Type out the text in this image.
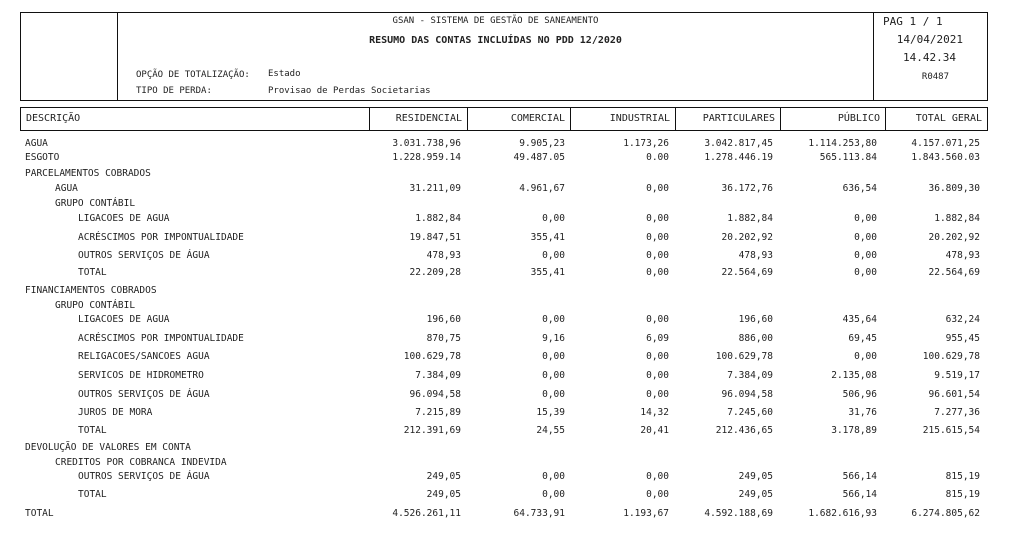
GSAN - SISTEMA DE GESTÃO DE SANEAMENTO
RESUMO DAS CONTAS INCLUÍDAS NO PDD 12/2020
OPÇÃO DE TOTALIZAÇÃO: Estado
TIPO DE PERDA:	Provisao de Perdas Societarias
PAG 1 / 1
14/04/2021
14.42.34
R0487
DESCRIÇÃO	RESIDENCIAL	COMERCIAL	INDUSTRIAL	PARTICULARES	PÚBLICO	TOTAL GERAL
AGUA	3.031.738,96	9.905,23	1.173,26	3.042.817,45	1.114.253,80	4.157.071,25
ESGOTO	1.228.959,14	49.487,05	0,00	1.278.446,19	565.113,84	1.843.560,03
PARCELAMENTOS COBRADOS
AGUA	31.211,09	4.961,67	0,00	36.172,76	636,54	36.809,30
GRUPO CONTÁBIL
LIGACOES DE AGUA	1.882,84	0,00	0,00	1.882,84	0,00	1.882,84
ACRÉSCIMOS POR IMPONTUALIDADE	19.847,51	355,41	0,00	20.202,92	0,00	20.202,92
OUTROS SERVIÇOS DE ÁGUA	478,93	0,00	0,00	478,93	0,00	478,93
TOTAL	22.209,28	355,41	0,00	22.564,69	0,00	22.564,69
FINANCIAMENTOS COBRADOS
GRUPO CONTÁBIL
LIGACOES DE AGUA	196,60	0,00	0,00	196,60	435,64	632,24
ACRÉSCIMOS POR IMPONTUALIDADE	870,75	9,16	6,09	886,00	69,45	955,45
RELIGACOES/SANCOES AGUA	100.629,78	0,00	0,00	100.629,78	0,00	100.629,78
SERVICOS DE HIDROMETRO	7.384,09	0,00	0,00	7.384,09	2.135,08	9.519,17
OUTROS SERVIÇOS DE ÁGUA	96.094,58	0,00	0,00	96.094,58	506,96	96.601,54
JUROS DE MORA	7.215,89	15,39	14,32	7.245,60	31,76	7.277,36
TOTAL	212.391,69	24,55	20,41	212.436,65	3.178,89	215.615,54
DEVOLUÇÃO DE VALORES EM CONTA
CREDITOS POR COBRANCA INDEVIDA
OUTROS SERVIÇOS DE ÁGUA	249,05	0,00	0,00	249,05	566,14	815,19
TOTAL	249,05	0,00	0,00	249,05	566,14	815,19
TOTAL	4.526.261,11	64.733,91	1.193,67	4.592.188,69	1.682.616,93	6.274.805,62
